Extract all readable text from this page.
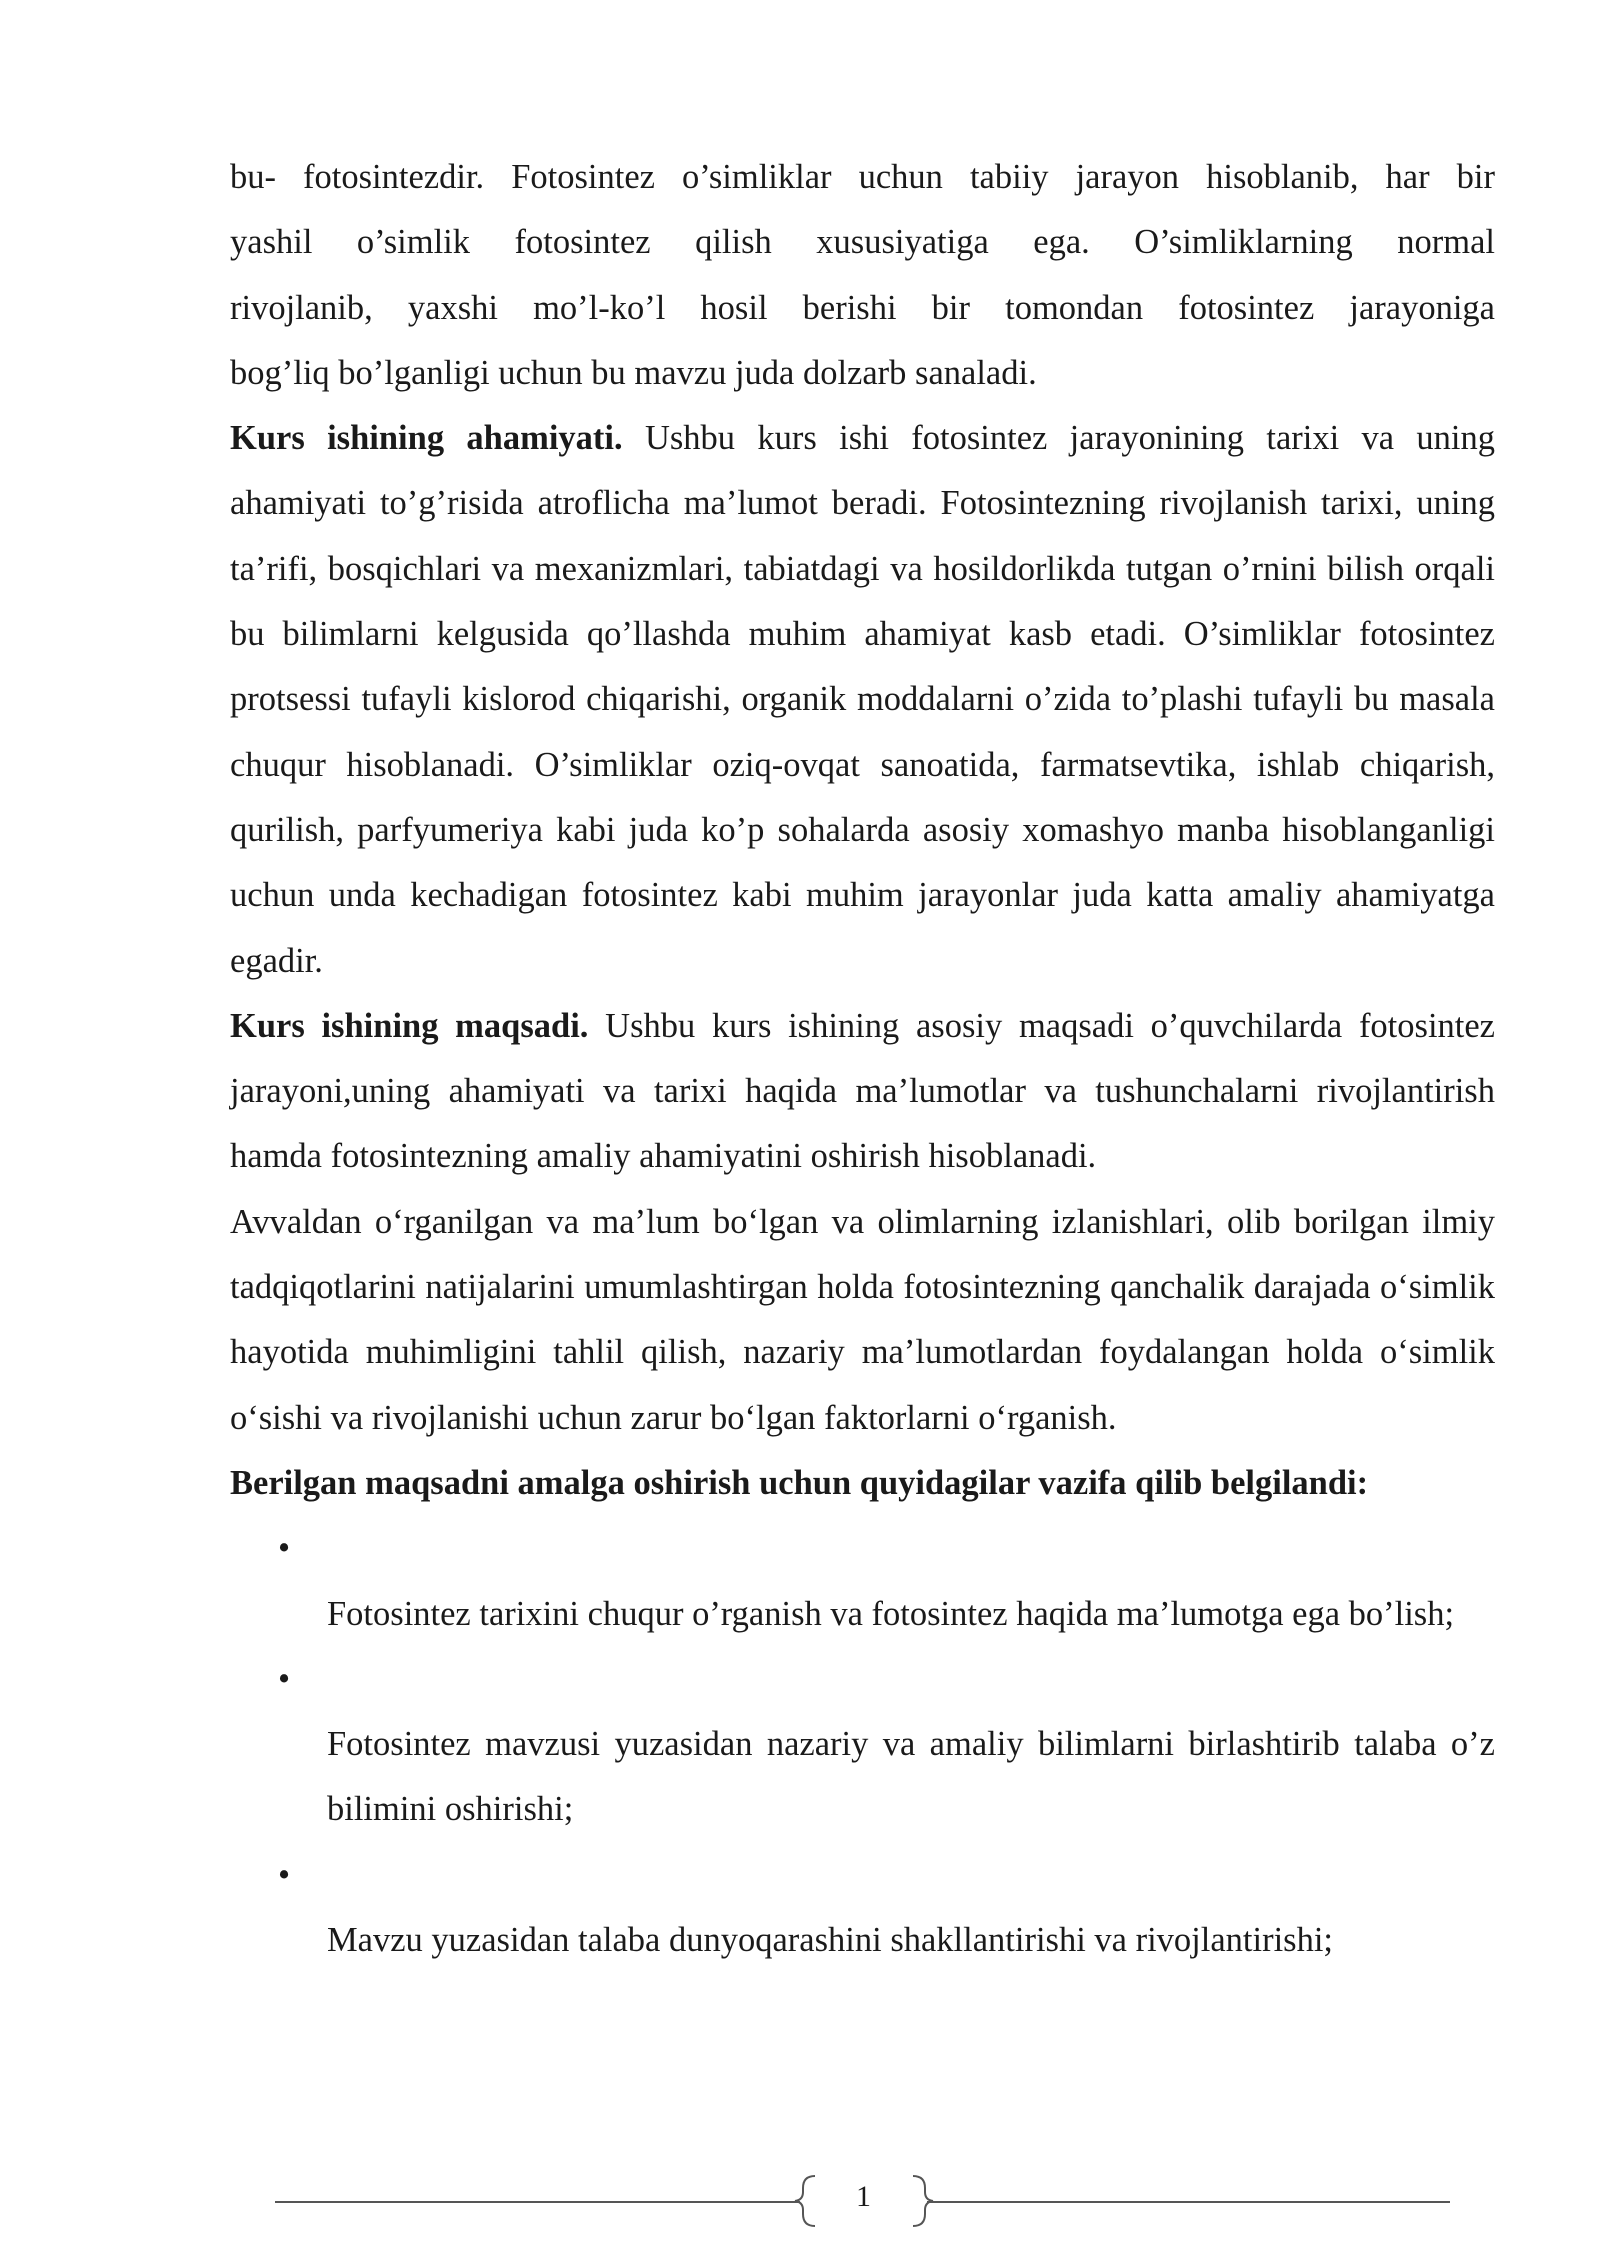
bu- fotosintezdir. Fotosintez o’simliklar uchun tabiiy jarayon hisoblanib, har bir
yashil o’simlik fotosintez qilish xususiyatiga ega. O’simliklarning normal
rivojlanib, yaxshi mo’l-ko’l hosil berishi bir tomondan fotosintez jarayoniga
bog’liq bo’lganligi uchun bu mavzu juda dolzarb sanaladi.

Kurs ishining ahamiyati. Ushbu kurs ishi fotosintez jarayonining tarixi va uning ahamiyati to’g’risida atroflicha ma’lumot beradi. Fotosintezning rivojlanish tarixi, uning ta’rifi, bosqichlari va mexanizmlari, tabiatdagi va hosildorlikda tutgan o’rnini bilish orqali bu bilimlarni kelgusida qo’llashda muhim ahamiyat kasb etadi. O’simliklar fotosintez protsessi tufayli kislorod chiqarishi, organik moddalarni o’zida to’plashi tufayli bu masala chuqur hisoblanadi. O’simliklar oziq-ovqat sanoatida, farmatsevtika, ishlab chiqarish, qurilish, parfyumeriya kabi juda ko’p sohalarda asosiy xomashyo manba hisoblanganligi uchun unda kechadigan fotosintez kabi muhim jarayonlar juda katta amaliy ahamiyatga egadir.

Kurs ishining maqsadi. Ushbu kurs ishining asosiy maqsadi o’quvchilarda fotosintez jarayoni,uning ahamiyati va tarixi haqida ma’lumotlar va tushunchalarni rivojlantirish hamda fotosintezning amaliy ahamiyatini oshirish hisoblanadi.

Avvaldan o‘rganilgan va ma’lum bo‘lgan va olimlarning izlanishlari, olib borilgan ilmiy tadqiqotlarini natijalarini umumlashtirgan holda fotosintezning qanchalik darajada o‘simlik hayotida muhimligini tahlil qilish, nazariy ma’lumotlardan foydalangan holda o‘simlik o‘sishi va rivojlanishi uchun zarur bo‘lgan faktorlarni o‘rganish.

Berilgan maqsadni amalga oshirish uchun quyidagilar vazifa qilib belgilandi:

•
Fotosintez tarixini chuqur o’rganish va fotosintez haqida ma’lumotga ega bo’lish;
•
Fotosintez mavzusi yuzasidan nazariy va amaliy bilimlarni birlashtirib talaba o’z bilimini oshirishi;
•
Mavzu yuzasidan talaba dunyoqarashini shakllantirishi va rivojlantirishi;
1
